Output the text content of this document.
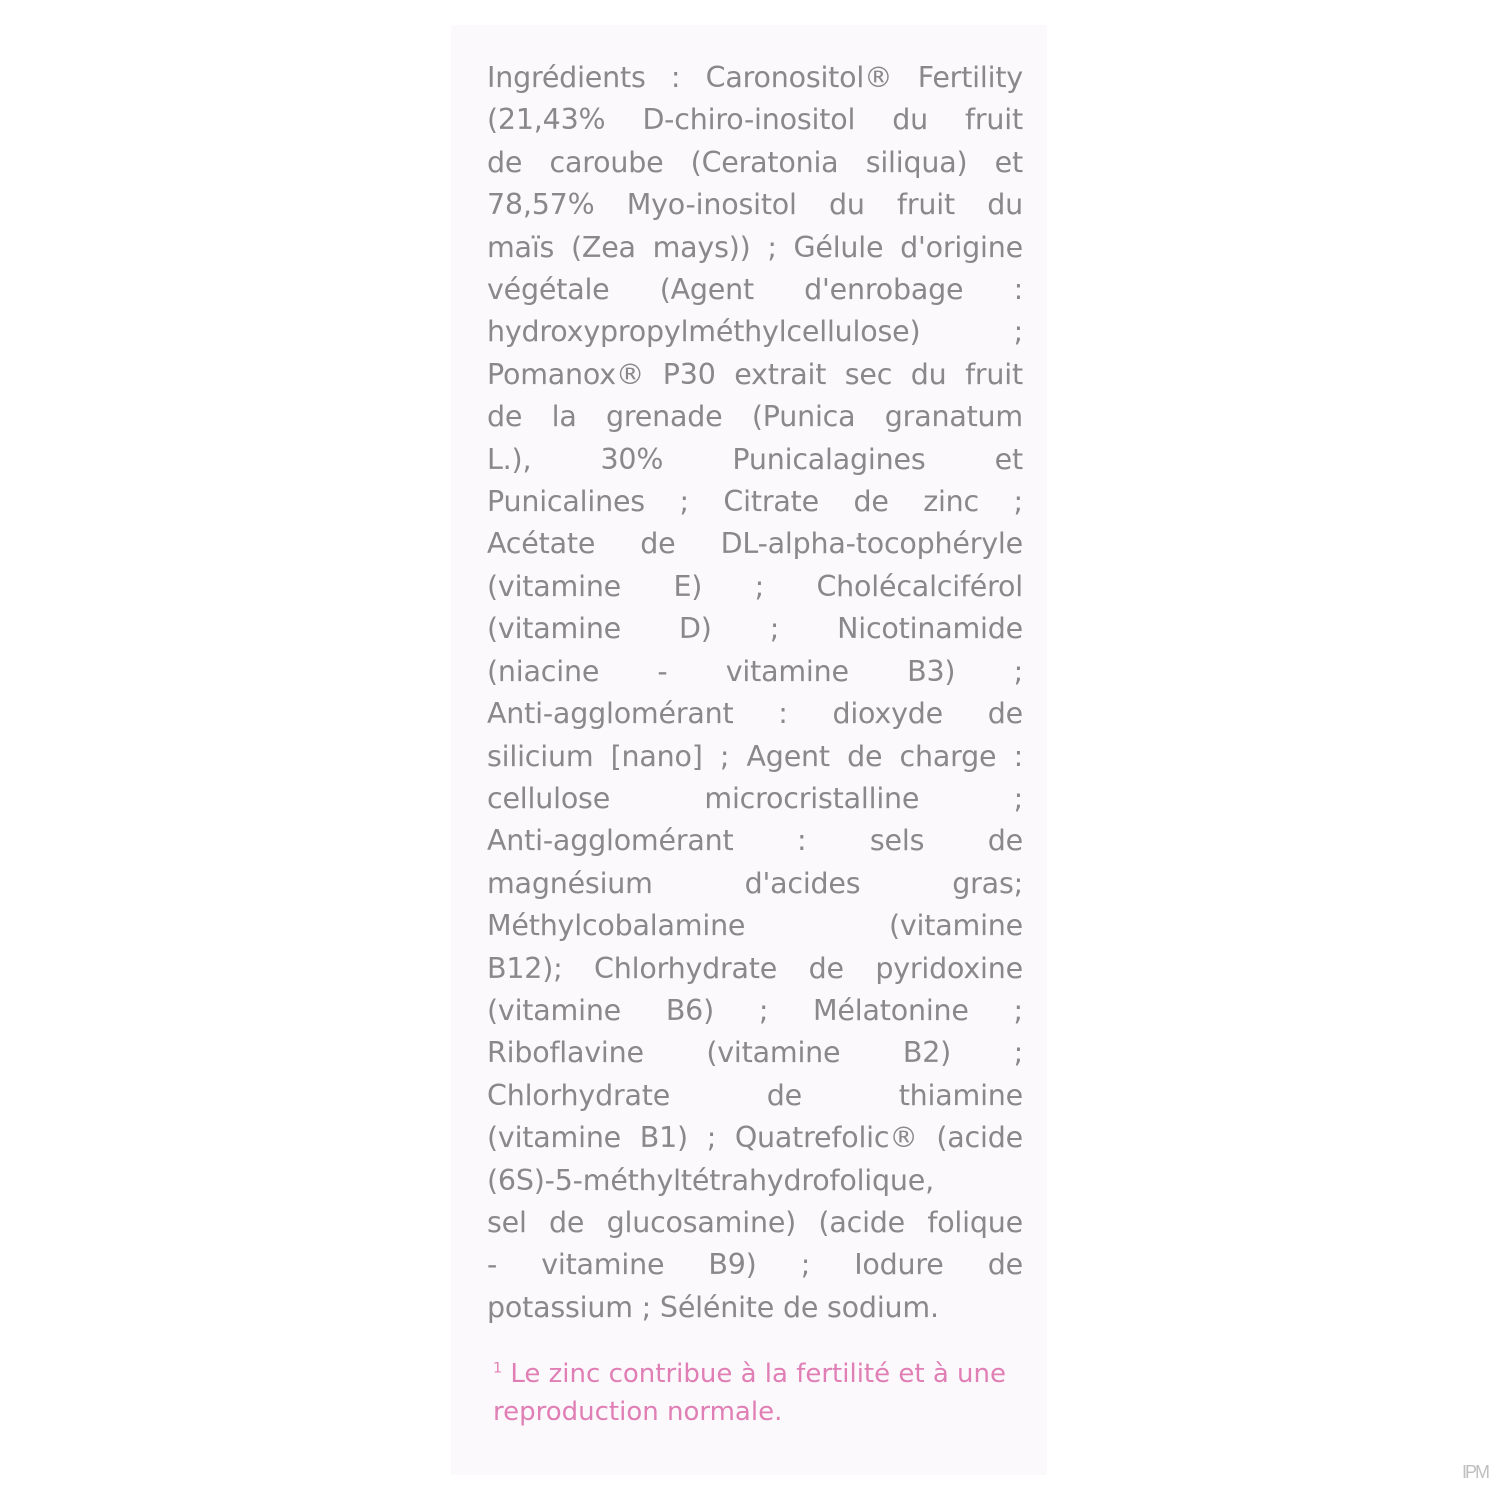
Ingrédients : Caronositol® Fertility
(21,43% D-chiro-inositol du fruit
de caroube (Ceratonia siliqua) et
78,57% Myo-inositol du fruit du
maïs (Zea mays)) ; Gélule d'origine
végétale (Agent d'enrobage :
hydroxypropylméthylcellulose)	;
Pomanox® P30 extrait sec du fruit
de la grenade (Punica granatum
L.), 30% Punicalagines et
Punicalines ; Citrate de zinc ;
Acétate de DL-alpha-tocophéryle
(vitamine E) ; Cholécalciférol
(vitamine D) ; Nicotinamide
(niacine - vitamine B3) ;
Anti-agglomérant : dioxyde de
silicium [nano] ; Agent de charge :
cellulose	microcristalline	;
Anti-agglomérant : sels de
magnésium	d'acides	gras;
Méthylcobalamine	(vitamine
B12); Chlorhydrate de pyridoxine
(vitamine B6) ; Mélatonine ;
Riboflavine (vitamine B2) ;
Chlorhydrate	de	thiamine
(vitamine B1) ; Quatrefolic® (acide
(6S)-5-méthyltétrahydrofolique,
sel de glucosamine) (acide folique
- vitamine B9) ; Iodure de
potassium ; Sélénite de sodium.
$^1$ Le zinc contribue à la fertilité et à une reproduction normale.
IPM
